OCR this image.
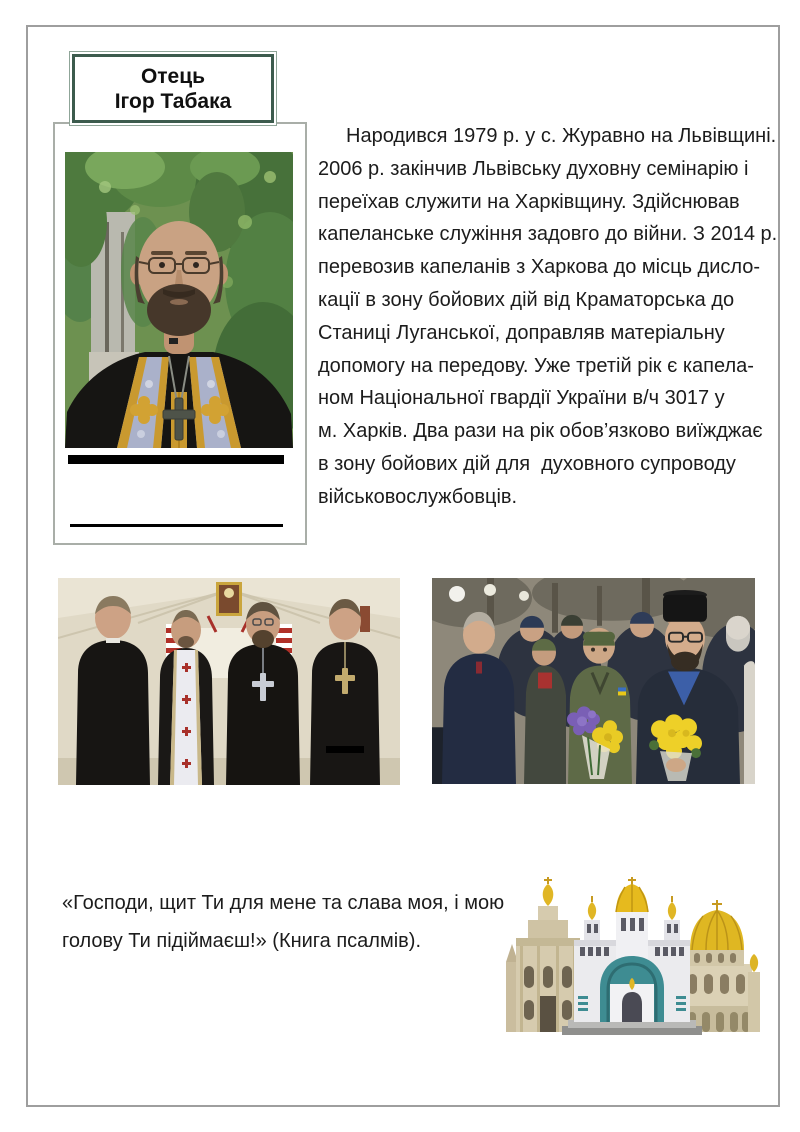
Отець
Ігор Табака
Народився 1979 р. у с. Журавно на Львівщині.
2006 р. закінчив Львівську духовну семінарію і
переїхав служити на Харківщину. Здійснював
капеланське служіння задовго до війни. З 2014 р.
перевозив капеланів з Харкова до місць дисло-
кації в зону бойових дій від Краматорська до
Станиці Луганської, доправляв матеріальну
допомогу на передову. Уже третій рік є капела-
ном Національної гвардії України в/ч 3017 у
м. Харків. Два рази на рік обов’язково виїжджає
в зону бойових дій для  духовного супроводу
військовослужбовців.
«Господи, щит Ти для мене та слава моя, і мою
голову Ти підіймаєш!» (Книга псалмів).
